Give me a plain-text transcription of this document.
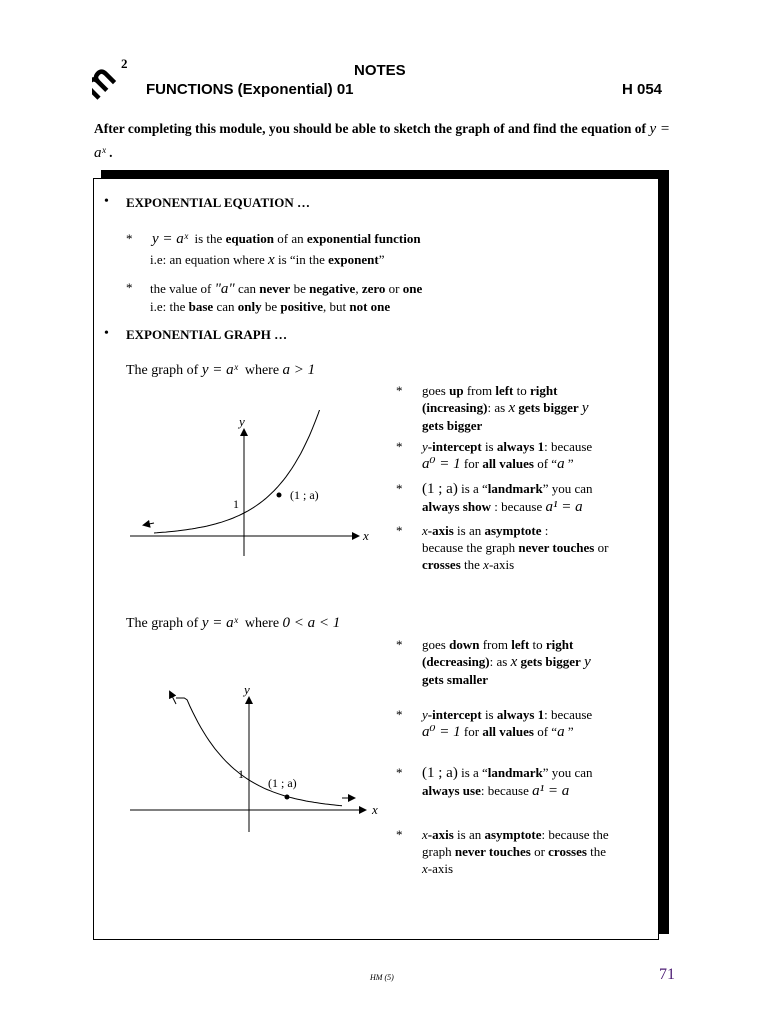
2	NOTES
FUNCTIONS (Exponential) 01	H 054
After completing this module, you should be able to sketch the graph of and find the equation of y = aˣ .
• EXPONENTIAL EQUATION …
* y = aˣ is the equation of an exponential function
i.e: an equation where x is “in the exponent”
* the value of "a" can never be negative, zero or one
i.e: the base can only be positive, but not one
• EXPONENTIAL GRAPH …
The graph of y = aˣ where a > 1
y
x
1
(1 ; a)
* goes up from left to right
(increasing): as x gets bigger y
gets bigger
* y-intercept is always 1: because
a⁰ = 1 for all values of “a ”
* (1 ; a) is a “landmark” you can
always show : because a¹ = a
* x-axis is an asymptote :
because the graph never touches or
crosses the x-axis
The graph of y = aˣ where 0 < a < 1
y
x
1
(1 ; a)
* goes down from left to right
(decreasing): as x gets bigger y
gets smaller
* y-intercept is always 1: because
a⁰ = 1 for all values of “a ”
* (1 ; a) is a “landmark” you can
always use: because a¹ = a
* x-axis is an asymptote: because the
graph never touches or crosses the
x-axis
HM (5)	71
